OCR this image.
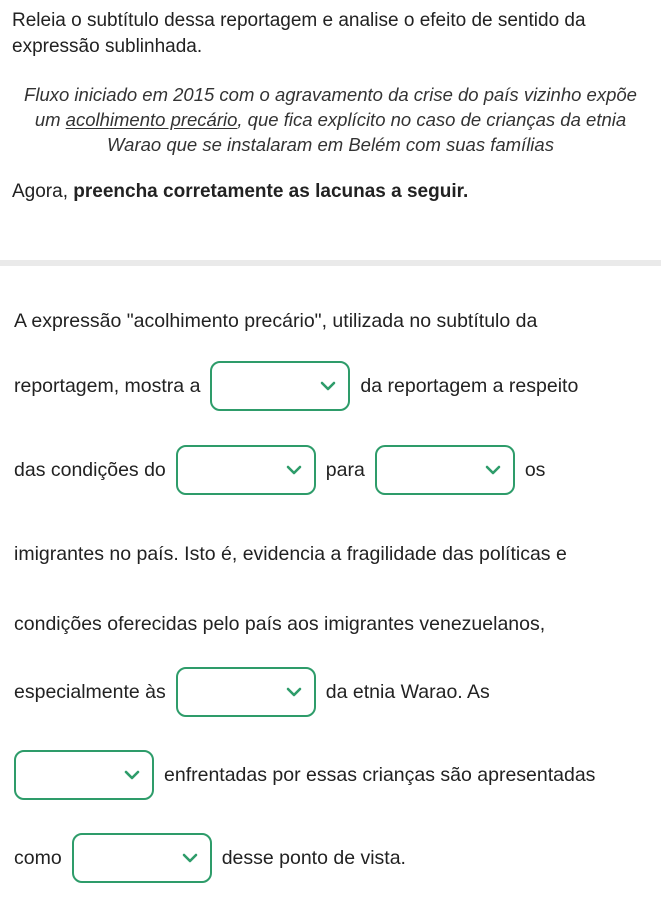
Releia o subtítulo dessa reportagem e analise o efeito de sentido da expressão sublinhada.

Fluxo iniciado em 2015 com o agravamento da crise do país vizinho expõe um acolhimento precário, que fica explícito no caso de crianças da etnia Warao que se instalaram em Belém com suas famílias

Agora, preencha corretamente as lacunas a seguir.

A expressão "acolhimento precário", utilizada no subtítulo da
reportagem, mostra a	da reportagem a respeito
das condições do	para	os
imigrantes no país. Isto é, evidencia a fragilidade das políticas e
condições oferecidas pelo país aos imigrantes venezuelanos,
especialmente às	da etnia Warao. As
enfrentadas por essas crianças são apresentadas
como	desse ponto de vista.
